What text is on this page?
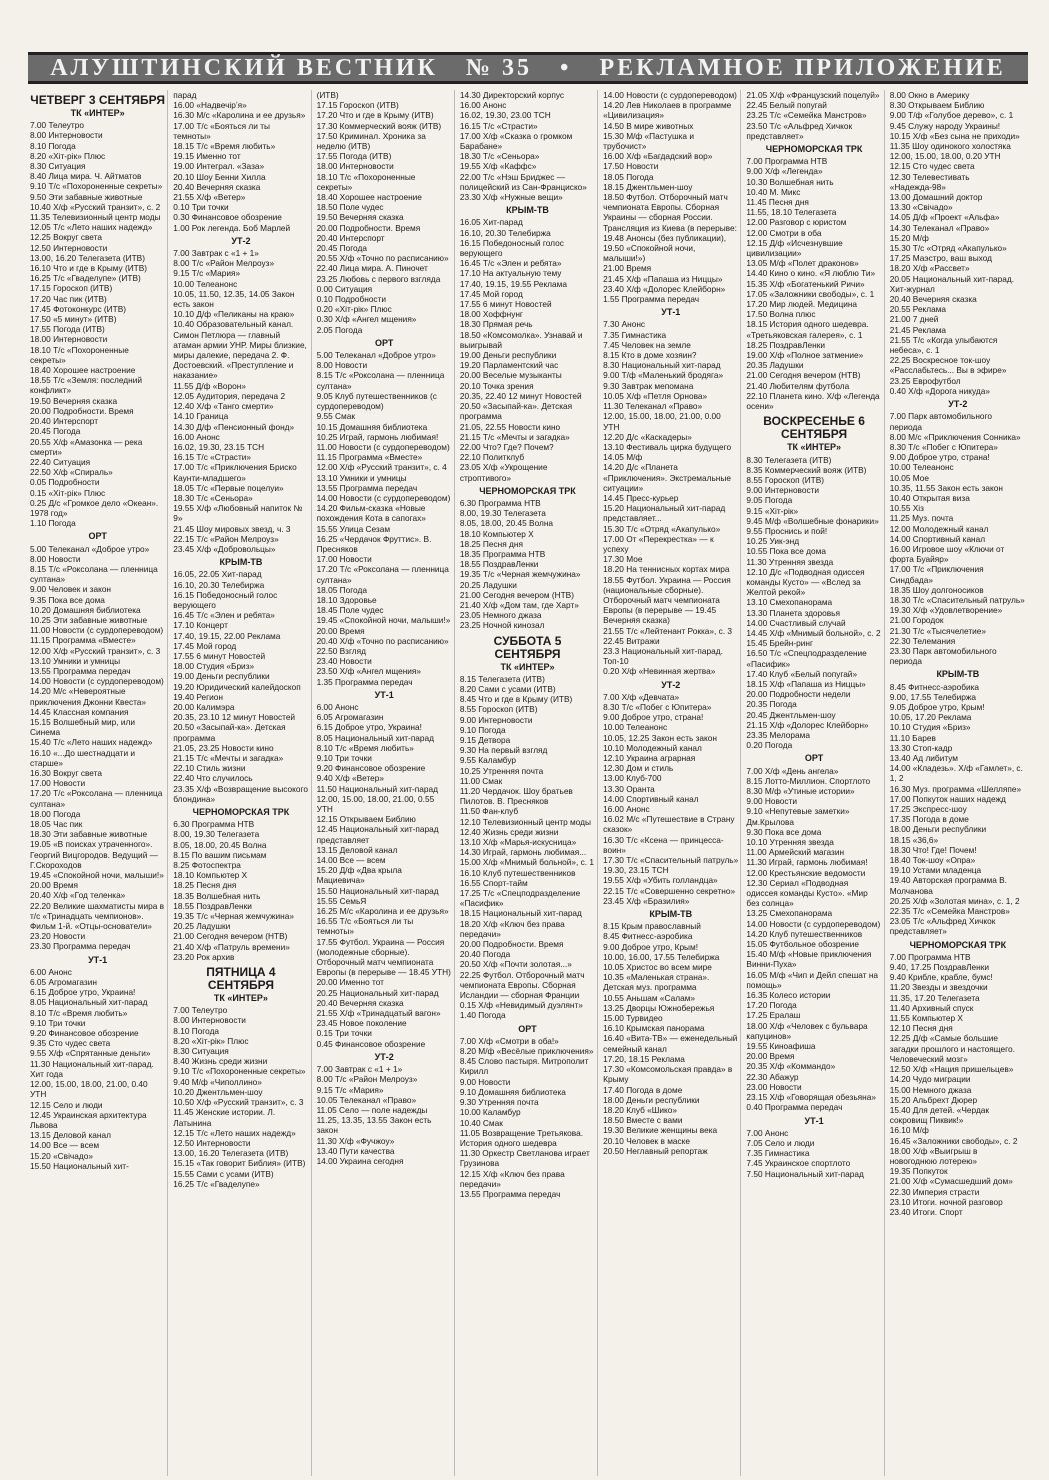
АЛУШТИНСКИЙ ВЕСТНИК № 35 • РЕКЛАМНОЕ ПРИЛОЖЕНИЕ
ЧЕТВЕРГ 3 СЕНТЯБРЯ
ТК «ИНТЕР»
7.00 Телеутро
8.00 Интерновости
8.10 Погода
8.20 «Хіт-рік» Плюс
8.30 Ситуация
8.40 Лица мира. Ч. Айтматов
9.10 Т/с «Похороненные секреты»
9.50 Эти забавные животные
10.40 Х/ф «Русский транзит», с. 2
11.35 Телевизионный центр моды
12.05 Т/с «Лето наших надежд»
12.25 Вокруг света
12.50 Интерновости
13.00, 16.20 Телегазета (ИТВ)
16.10 Что и где в Крыму (ИТВ)
16.25 Т/с «Гваделупе» (ИТВ)
17.15 Гороскоп (ИТВ)
17.20 Час пик (ИТВ)
17.45 Фотоконкурс (ИТВ)
17.50 «5 минут» (ИТВ)
17.55 Погода (ИТВ)
18.00 Интерновости
18.10 Т/с «Похороненные секреты»
18.40 Хорошее настроение
18.55 Т/с «Земля: последний конфликт»
19.50 Вечерняя сказка
20.00 Подробности. Время
20.40 Интерспорт
20.45 Погода
20.55 Х/ф «Амазонка — река смерти»
22.40 Ситуация
22.50 Х/ф «Спираль»
0.05 Подробности
0.15 «Хіт-рік» Плюс
0.25 Д/с «Громкое дело «Океан». 1978 год»
1.10 Погода
ОРТ
5.00 Телеканал «Доброе утро»
8.00 Новости
8.15 Т/с «Роксолана — пленница султана»
9.00 Человек и закон
9.35 Пока все дома
10.20 Домашняя библиотека
10.25 Эти забавные животные
11.00 Новости (с сурдопереводом)
11.15 Программа «Вместе»
12.00 Х/ф «Русский транзит», с. 3
13.10 Умники и умницы
13.55 Программа передач
14.00 Новости (с сурдопереводом)
14.20 М/с «Невероятные приключения Джонни Квеста»
14.45 Классная компания
15.15 Волшебный мир, или Синема
15.40 Т/с «Лето наших надежд»
16.10 «...До шестнадцати и старше»
16.30 Вокруг света
17.00 Новости
17.20 Т/с «Роксолана — пленница султана»
18.00 Погода
18.05 Час пик
18.30 Эти забавные животные
19.05 «В поисках утраченного». Георгий Вицгородов. Ведущий — Г.Скороходов
19.45 «Спокойной ночи, малыши!»
20.00 Время
20.40 Х/ф «Год теленка»
22.20 Великие шахматисты мира в т/с «Тринадцать чемпионов». Фильм 1-й. «Отцы-основатели»
23.20 Новости
23.30 Программа передач
УТ-1
6.00 Анонс
6.05 Агромагазин
6.15 Доброе утро, Украина!
8.05 Национальный хит-парад
8.10 Т/с «Время любить»
9.10 Три точки
9.20 Финансовое обозрение
9.35 Сто чудес света
9.55 Х/ф «Спрятанные деньги»
11.30 Национальный хит-парад. Хит года
12.00, 15.00, 18.00, 21.00, 0.40 УТН
12.15 Село и люди
12.45 Украинская архитектура Львова
13.15 Деловой канал
14.00 Все — всем
15.20 «Свічадо»
15.50 Национальный хит-
парад
16.00 «Надвечірʼя»
16.30 М/с «Каролина и ее друзья»
17.00 Т/с «Бояться ли ты темноты»
18.15 Т/с «Время любить»
19.15 Именно тот
19.00 Интеграл. «Заза»
20.10 Шоу Бенни Хилла
20.40 Вечерняя сказка
21.55 Х/ф «Ветер»
0.10 Три точки
0.30 Финансовое обозрение
1.00 Рок легенда. Боб Марлей
УТ-2
7.00 Завтрак с «1 + 1»
8.00 Т/с «Район Мелроуз»
9.15 Т/с «Мария»
10.00 Телеанонс
10.05, 11.50, 12.35, 14.05 Закон есть закон
10.10 Д/ф «Пеликаны на краю»
10.40 Образовательный канал. Симон Петлюра — главный атаман армии УНР. Миры близкие, миры далекие, передача 2. Ф. Достоевский. «Преступление и наказание»
11.55 Д/ф «Ворон»
12.05 Аудитория, передача 2
12.40 Х/ф «Танго смерти»
14.10 Граница
14.30 Д/ф «Пенсионный фонд»
16.00 Анонс
16.02, 19.30, 23.15 ТСН
16.15 Т/с «Страсти»
17.00 Т/с «Приключения Бриско Каунти-младшего»
18.05 Т/с «Первые поцелуи»
18.30 Т/с «Сеньора»
19.55 Х/ф «Любовный напиток № 9»
21.45 Шоу мировых звезд, ч. 3
22.15 Т/с «Район Мелроуз»
23.45 Х/ф «Добровольцы»
КРЫМ-ТВ
16.05, 22.05 Хит-парад
16.10, 20.30 Телебиржа
16.15 Победоносный голос верующего
16.45 Т/с «Элен и ребята»
17.10 Концерт
17.40, 19.15, 22.00 Реклама
17.45 Мой город
17.55 6 минут Новостей
18.00 Студия «Бриз»
19.00 Деньги республики
19.20 Юридический калейдоскоп
19.40 Регион
20.00 Калимэра
20.35, 23.10 12 минут Новостей
20.50 «Засыпай-ка». Детская программа
21.05, 23.25 Новости кино
21.15 Т/с «Мечты и загадка»
22.10 Стиль жизни
22.40 Что случилось
23.35 Х/ф «Возвращение высокого блондина»
ЧЕРНОМОРСКАЯ ТРК
6.30 Программа НТВ
8.00, 19.30 Телегазета
8.05, 18.00, 20.45 Волна
8.15 По вашим письмам
8.25 Фотоспектра
18.10 Компьютер Х
18.25 Песня дня
18.35 Волшебная нить
18.55 ПоздравЛенки
19.35 Т/с «Черная жемчужина»
20.25 Ладушки
21.00 Сегодня вечером (НТВ)
21.40 Х/ф «Патруль времени»
23.20 Рок архив
ПЯТНИЦА 4 СЕНТЯБРЯ
ТК «ИНТЕР»
7.00 Телеутро
8.00 Интерновости
8.10 Погода
8.20 «Хіт-рік» Плюс
8.30 Ситуация
8.40 Жизнь среди жизни
9.10 Т/с «Похороненные секреты»
9.40 М/ф «Чиполлино»
10.20 Джентльмен-шоу
10.50 Х/ф «Русский транзит», с. 3
11.45 Женские истории. Л. Латынина
12.15 Т/с «Лето наших надежд»
12.50 Интерновости
13.00, 16.20 Телегазета (ИТВ)
15.15 «Так говорит Библия» (ИТВ)
15.55 Сами с усами (ИТВ)
16.25 Т/с «Гваделупе»
(ИТВ)
17.15 Гороскоп (ИТВ)
17.20 Что и где в Крыму (ИТВ)
17.30 Коммерческий вояж (ИТВ)
17.50 Криминал. Хроника за неделю (ИТВ)
17.55 Погода (ИТВ)
18.00 Интерновости
18.10 Т/с «Похороненные секреты»
18.40 Хорошее настроение
18.50 Поле чудес
19.50 Вечерняя сказка
20.00 Подробности. Время
20.40 Интерспорт
20.45 Погода
20.55 Х/ф «Точно по расписанию»
22.40 Лица мира. А. Пиночет
23.25 Любовь с первого взгляда
0.00 Ситуация
0.10 Подробности
0.20 «Хіт-рік» Плюс
0.30 Х/ф «Ангел мщения»
2.05 Погода
ОРТ
5.00 Телеканал «Доброе утро»
8.00 Новости
8.15 Т/с «Роксолана — пленница султана»
9.05 Клуб путешественников (с сурдопереводом)
9.55 Смак
10.15 Домашняя библиотека
10.25 Играй, гармонь любимая!
11.00 Новости (с сурдопереводом)
11.15 Программа «Вместе»
12.00 Х/ф «Русский транзит», с. 4
13.10 Умники и умницы
13.55 Программа передач
14.00 Новости (с сурдопереводом)
14.20 Фильм-сказка «Новые похождения Кота в сапогах»
15.55 Улица Сезам
16.25 «Чердачок Фруттис». В. Пресняков
17.00 Новости
17.20 Т/с «Роксолана — пленница султана»
18.05 Погода
18.10 Здоровье
18.45 Поле чудес
19.45 «Спокойной ночи, малыши!»
20.00 Время
20.40 Х/ф «Точно по расписанию»
22.50 Взгляд
23.40 Новости
23.50 Х/ф «Ангел мщения»
1.35 Программа передач
УТ-1
6.00 Анонс
6.05 Агромагазин
6.15 Доброе утро, Украина!
8.05 Национальный хит-парад
8.10 Т/с «Время любить»
9.10 Три точки
9.20 Финансовое обозрение
9.40 Х/ф «Ветер»
11.50 Национальный хит-парад
12.00, 15.00, 18.00, 21.00, 0.55 УТН
12.15 Открываем Библию
12.45 Национальный хит-парад представляет
13.15 Деловой канал
14.00 Все — всем
15.20 Д/ф «Два крыла Мациевича»
15.50 Национальный хит-парад
15.55 СемьЯ
16.25 М/с «Каролина и ее друзья»
16.55 Т/с «Бояться ли ты темноты»
17.55 Футбол. Украина — Россия (молодежные сборные). Отборочный матч чемпионата Европы (в перерыве — 18.45 УТН)
20.00 Именно тот
20.25 Национальный хит-парад
20.40 Вечерняя сказка
21.55 Х/ф «Тринадцатый вагон»
23.45 Новое поколение
0.15 Три точки
0.45 Финансовое обозрение
УТ-2
7.00 Завтрак с «1 + 1»
8.00 Т/с «Район Мелроуз»
9.15 Т/с «Мария»
10.05 Телеканал «Право»
11.05 Село — поле надежды
11.25, 13.35, 13.55 Закон есть закон
11.30 Х/ф «Фучжоу»
13.40 Пути качества
14.00 Украина сегодня
14.30 Директорский корпус
16.00 Анонс
16.02, 19.30, 23.00 ТСН
16.15 Т/с «Страсти»
17.00 Х/ф «Сказка о громком Барабане»
18.30 Т/с «Сеньора»
19.55 Х/ф «Каффс»
22.00 Т/с «Нэш Бриджес — полицейский из Сан-Франциско»
23.30 Х/ф «Нужные вещи»
КРЫМ-ТВ
16.05 Хит-парад
16.10, 20.30 Телебиржа
16.15 Победоносный голос верующего
16.45 Т/с «Элен и ребята»
17.10 На актуальную тему
17.40, 19.15, 19.55 Реклама
17.45 Мой город
17.55 6 минут Новостей
18.00 Хоффнунг
18.30 Прямая речь
18.50 «Комсомолка». Узнавай и выигрывай
19.00 Деньги республики
19.20 Парламентский час
20.00 Веселые музыканты
20.10 Точка зрения
20.35, 22.40 12 минут Новостей
20.50 «Засыпай-ка». Детская программа
21.05, 22.55 Новости кино
21.15 Т/с «Мечты и загадка»
22.00 Что? Где? Почем?
22.10 Политклуб
23.05 Х/ф «Укрощение строптивого»
ЧЕРНОМОРСКАЯ ТРК
6.30 Программа НТВ
8.00, 19.30 Телегазета
8.05, 18.00, 20.45 Волна
18.10 Компьютер Х
18.25 Песня дня
18.35 Программа НТВ
18.55 ПоздравЛенки
19.35 Т/с «Черная жемчужина»
20.25 Ладушки
21.00 Сегодня вечером (НТВ)
21.40 Х/ф «Дом там, где Харт»
23.05 Немного джаза
23.25 Ночной кинозал
СУББОТА 5 СЕНТЯБРЯ
ТК «ИНТЕР»
8.15 Телегазета (ИТВ)
8.20 Сами с усами (ИТВ)
8.45 Что и где в Крыму (ИТВ)
8.55 Гороскоп (ИТВ)
9.00 Интерновости
9.10 Погода
9.15 Детвора
9.30 На первый взгляд
9.55 Каламбур
10.25 Утренняя почта
11.00 Смак
11.20 Чердачок. Шоу братьев Пилотов. В. Пресняков
11.50 Фан-клуб
12.10 Телевизионный центр моды
12.40 Жизнь среди жизни
13.10 Х/ф «Марья-искусница»
14.30 Играй, гармонь любимая...
15.00 Х/ф «Мнимый больной», с. 1
16.10 Клуб путешественников
16.55 Спорт-тайм
17.25 Т/с «Спецподразделение «Пасифик»
18.15 Национальный хит-парад
18.20 Х/ф «Ключ без права передачи»
20.00 Подробности. Время
20.40 Погода
20.50 Х/ф «Почти золотая...»
22.25 Футбол. Отборочный матч чемпионата Европы. Сборная Исландии — сборная Франции
0.15 Х/ф «Невидимый дуэлянт»
1.40 Погода
ОРТ
7.00 Х/ф «Смотри в оба!»
8.20 М/ф «Весёлые приключения»
8.45 Слово пастыря. Митрополит Кирилл
9.00 Новости
9.10 Домашняя библиотека
9.30 Утренняя почта
10.00 Каламбур
10.40 Смак
11.05 Возвращение Третьякова. История одного шедевра
11.30 Оркестр Светланова играет Грузинова
12.15 Х/ф «Ключ без права передачи»
13.55 Программа передач
14.00 Новости (с сурдопереводом)
14.20 Лев Николаев в программе «Цивилизация»
14.50 В мире животных
15.30 М/ф «Пастушка и трубочист»
16.00 Х/ф «Багдадский вор»
17.50 Новости
18.05 Погода
18.15 Джентльмен-шоу
18.50 Футбол. Отборочный матч чемпионата Европы. Сборная Украины — сборная России. Трансляция из Киева (в перерыве: 19.48 Анонсы (без публикации), 19.50 «Спокойной ночи, малыши!»)
21.00 Время
21.45 Х/ф «Папаша из Ниццы»
23.40 Х/ф «Долорес Клейборн»
1.55 Программа передач
УТ-1
7.30 Анонс
7.35 Гимнастика
7.45 Человек на земле
8.15 Кто в доме хозяин?
8.30 Национальный хит-парад
9.00 Т/ф «Маленький бродяга»
9.30 Завтрак мепомана
10.05 Х/ф «Петля Орнова»
11.30 Телеканал «Право»
12.00, 15.00, 18.00, 21.00, 0.00 УТН
12.20 Д/с «Каскадеры»
13.10 Фестиваль цирка будущего
14.05 М/ф
14.20 Д/с «Планета «Приключения». Экстремальные ситуации»
14.45 Пресс-курьер
15.20 Национальный хит-парад представляет...
15.30 Т/с «Отряд «Акапулько»
17.00 От «Перекрестка» — к успеху
17.30 Мое
18.20 На теннисных кортах мира
18.55 Футбол. Украина — Россия (национальные сборные). Отборочный матч чемпионата Европы (в перерыве — 19.45 Вечерняя сказка)
21.55 Т/с «Лейтенант Рокка», с. 3
22.45 Витражи
23.3 Национальный хит-парад. Топ-10
0.20 Х/ф «Невинная жертва»
УТ-2
7.00 Х/ф «Девчата»
8.30 Т/с «Побег с Юпитера»
9.00 Доброе утро, страна!
10.00 Телеанонс
10.05, 12.25 Закон есть закон
10.10 Молодежный канал
12.10 Украина аграрная
12.30 Дом и стиль
13.00 Клуб-700
13.30 Оранта
14.00 Спортивный канал
16.00 Анонс
16.02 М/с «Путешествие в Страну сказок»
16.30 Т/с «Ксена — принцесса-воин»
17.30 Т/с «Спасительный патруль»
19.30, 23.15 ТСН
19.55 Х/ф «Убить голландца»
22.15 Т/с «Совершенно секретно»
23.45 Х/ф «Бразилия»
КРЫМ-ТВ
8.15 Крым православный
8.45 Фитнесс-аэробика
9.00 Доброе утро, Крым!
10.00, 16.00, 17.55 Телебиржа
10.05 Христос во всем мире
10.35 «Маленькая страна». Детская муз. программа
10.55 Аньшам «Салам»
13.25 Дворцы Южнобережья
15.00 Турвидео
16.10 Крымская панорама
16.40 «Вита-ТВ» — еженедельный семейный канал
17.20, 18.15 Реклама
17.30 «Комсомольская правда» в Крыму
17.40 Погода в доме
18.00 Деньги республики
18.20 Клуб «Шико»
18.50 Вместе с вами
19.30 Великие женщины века
20.10 Человек в маске
20.50 Неглавный репортаж
21.05 Х/ф «Французский поцелуй»
22.45 Белый попугай
23.25 Т/с «Семейка Манстров»
23.50 Т/с «Альфред Хичкок представляет»
ЧЕРНОМОРСКАЯ ТРК
7.00 Программа НТВ
9.00 Х/ф «Легенда»
10.30 Волшебная нить
10.40 М. Микс
11.45 Песня дня
11.55, 18.10 Телегазета
12.00 Разговор с юристом
12.00 Смотри в оба
12.15 Д/ф «Исчезнувшие цивилизации»
13.05 М/ф «Полет драконов»
14.40 Кино о кино. «Я люблю Ти»
15.35 Х/ф «Богатенький Ричи»
17.05 «Заложники свободы», с. 1
17.20 Мир людей. Медицина
17.50 Волна плюс
18.15 История одного шедевра. «Третьяковская галерея», с. 1
18.25 ПоздравЛенки
19.00 Х/ф «Полное затмение»
20.35 Ладушки
21.00 Сегодня вечером (НТВ)
21.40 Любителям футбола
22.10 Планета кино. Х/ф «Легенда осени»
ВОСКРЕСЕНЬЕ 6 СЕНТЯБРЯ
ТК «ИНТЕР»
8.30 Телегазета (ИТВ)
8.35 Коммерческий вояж (ИТВ)
8.55 Гороскоп (ИТВ)
9.00 Интерновости
9.05 Погода
9.15 «Хіт-рік»
9.45 М/ф «Волшебные фонарики»
9.55 Проснись и пой!
10.25 Уик-энд
10.55 Пока все дома
11.30 Утренняя звезда
12.10 Д/с «Подводная одиссея команды Кусто» — «Вслед за Желтой рекой»
13.10 Смехопанорама
13.30 Планета здоровья
14.00 Счастливый случай
14.45 Х/ф «Мнимый больной», с. 2
15.45 Брейн-ринг
16.50 Т/с «Спецподразделение «Пасифик»
17.40 Клуб «Белый попугай»
18.15 Х/ф «Папаша из Ниццы»
20.00 Подробности недели
20.35 Погода
20.45 Джентльмен-шоу
21.15 Х/ф «Долорес Клейборн»
23.35 Мелорама
0.20 Погода
ОРТ
7.00 Х/ф «День ангела»
8.15 Лотто-Миллион. Спортлото
8.30 М/ф «Утиные истории»
9.00 Новости
9.10 «Непутевые заметки» Дм.Крылова
9.30 Пока все дома
10.10 Утренняя звезда
11.00 Армейский магазин
11.30 Играй, гармонь любимая!
12.00 Крестьянские ведомости
12.30 Сериал «Подводная одиссея команды Кусто». «Мир без солнца»
13.25 Смехопанорама
14.00 Новости (с сурдопереводом)
14.20 Клуб путешественников
15.05 Футбольное обозрение
15.40 М/ф «Новые приключения Винни-Пуха»
16.05 М/ф «Чип и Дейл спешат на помощь»
16.35 Колесо истории
17.20 Погода
17.25 Ералаш
18.00 Х/ф «Человек с бульвара капуцинов»
19.55 Киноафиша
20.00 Время
20.35 Х/ф «Коммандо»
22.30 Абажур
23.00 Новости
23.15 Х/ф «Говорящая обезьяна»
0.40 Программа передач
УТ-1
7.00 Анонс
7.05 Село и люди
7.35 Гимнастика
7.45 Украинское спортлото
7.50 Национальный хит-парад
8.00 Окно в Америку
8.30 Открываем Библию
9.00 Т/ф «Голубое дерево», с. 1
9.45 Служу народу Украины!
10.15 Х/ф «Без сына не приходи»
11.35 Шоу одинокого холостяка
12.00, 15.00, 18.00, 0.20 УТН
12.15 Сто чудес света
12.30 Телевестивать «Надежда-98»
13.00 Домашний доктор
13.30 «Свічадо»
14.05 Д/ф «Проект «Альфа»
14.30 Телеканал «Право»
15.20 М/ф
15.30 Т/с «Отряд «Акапулько»
17.25 Маэстро, ваш выход
18.20 Х/ф «Рассвет»
20.05 Национальный хит-парад. Хит-журнал
20.40 Вечерняя сказка
20.55 Реклама
21.00 7 дней
21.45 Реклама
21.55 Т/с «Когда улыбаются небеса», с. 1
22.25 Воскресное ток-шоу «Расслабьтесь... Вы в эфире»
23.25 Еврофутбол
0.40 Х/ф «Дорога никуда»
УТ-2
7.00 Парк автомобильного периода
8.00 М/с «Приключения Сонника»
8.30 Т/с «Побег с Юпитера»
9.00 Доброе утро, страна!
10.00 Телеанонс
10.05 Мое
10.35, 11.55 Закон есть закон
10.40 Открытая виза
10.55 Хіз
11.25 Муз. почта
12.00 Молодежный канал
14.00 Спортивный канал
16.00 Игровое шоу «Ключи от форта Буайяр»
17.00 Т/с «Приключения Синдбада»
18.35 Шоу долгоносиков
18.30 Т/с «Спасительный патруль»
19.30 Х/ф «Удовлетворение»
21.00 Городок
21.30 Т/с «Тысячелетие»
22.30 Телемания
23.30 Парк автомобильного периода
КРЫМ-ТВ
8.45 Фитнесс-аэробика
9.00, 17.55 Телебиржа
9.05 Доброе утро, Крым!
10.05, 17.20 Реклама
10.10 Студия «Бриз»
11.10 Барев
13.30 Стоп-кадр
13.40 Ад либитум
14.00 «Кладезь». Х/ф «Гамлет», с. 1, 2
16.30 Муз. программа «Шелляпе»
17.00 Попкуток наших надежд
17.25 Экспресс-шоу
17.35 Погода в доме
18.00 Деньги республики
18.15 «36,6»
18.30 Что! Где! Почем!
18.40 Ток-шоу «Опра»
19.10 Устами младенца
19.40 Авторская программа В. Молчанова
20.25 Х/ф «Золотая мина», с. 1, 2
22.35 Т/с «Семейка Манстров»
23.05 Т/с «Альфред Хичкок представляет»
ЧЕРНОМОРСКАЯ ТРК
7.00 Программа НТВ
9.40, 17.25 ПоздравЛенки
9.40 Крибле, крабле, бумс!
11.20 Звезды и звездочки
11.35, 17.20 Телегазета
11.40 Архивный спуск
11.55 Компьютер Х
12.10 Песня дня
12.25 Д/ф «Самые большие загадки прошлого и настоящего. Человеческий мозг»
12.50 Х/ф «Нация пришельцев»
14.20 Чудо миграции
15.00 Немного джаза
15.20 Альбрехт Дюрер
15.40 Для детей. «Чердак сокровищ Пиквик!»
16.10 М/ф
16.45 «Заложники свободы», с. 2
18.00 Х/ф «Выигрыш в новогоднюю лотерею»
19.35 Попкуток
21.00 Х/ф «Сумасшедший дом»
22.30 Империя страсти
23.10 Итоги. ночной разговор
23.40 Итоги. Спорт
